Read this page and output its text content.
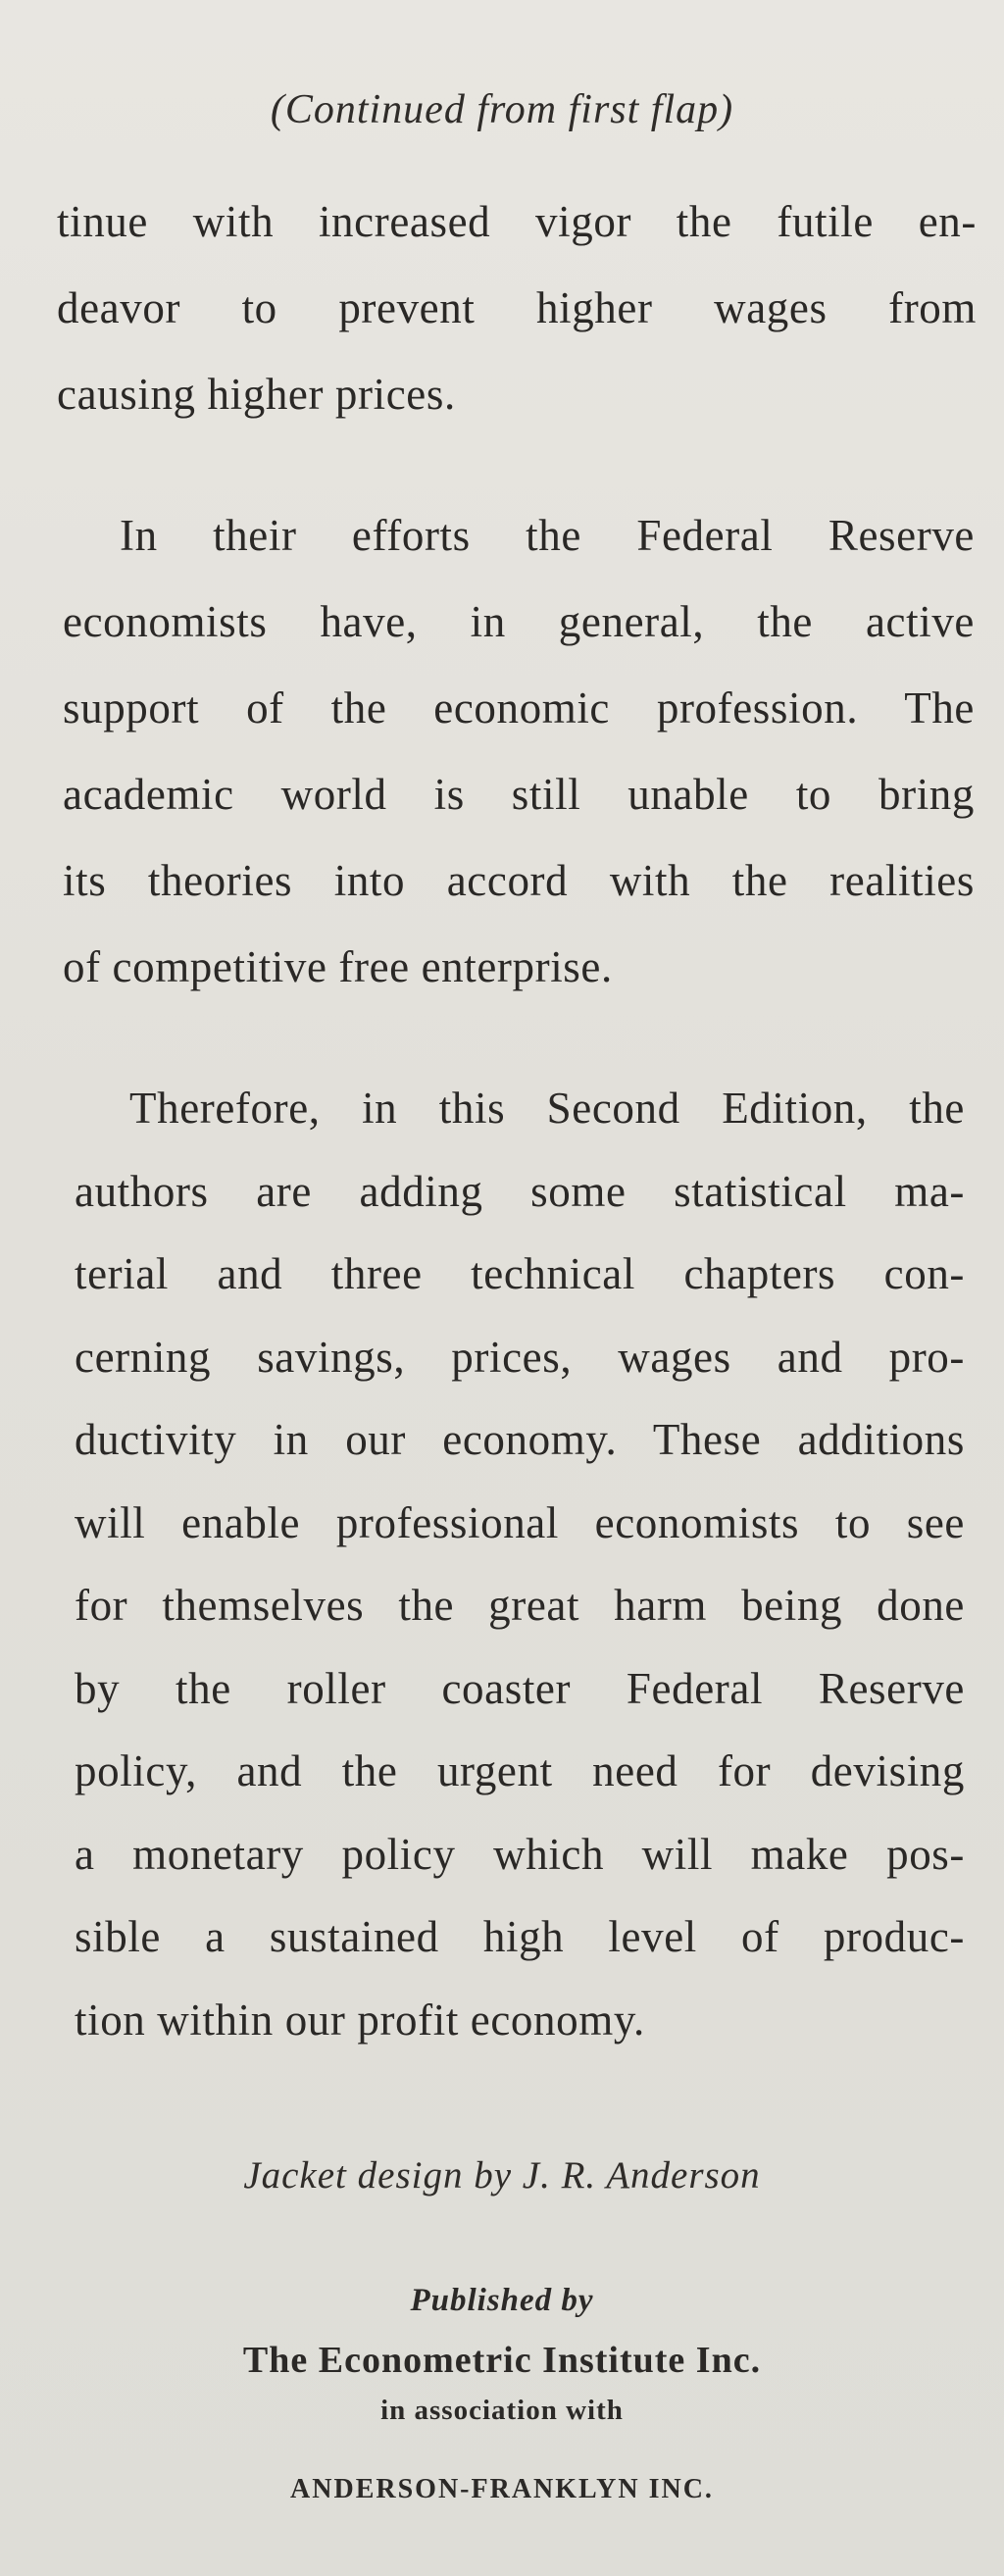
(Continued from first flap)
tinue with increased vigor the futile en-
deavor to prevent higher wages from
causing higher prices.
In their efforts the Federal Reserve
economists have, in general, the active
support of the economic profession. The
academic world is still unable to bring
its theories into accord with the realities
of competitive free enterprise.
Therefore, in this Second Edition, the
authors are adding some statistical ma-
terial and three technical chapters con-
cerning savings, prices, wages and pro-
ductivity in our economy. These additions
will enable professional economists to see
for themselves the great harm being done
by the roller coaster Federal Reserve
policy, and the urgent need for devising
a monetary policy which will make pos-
sible a sustained high level of produc-
tion within our profit economy.
Jacket design by J. R. Anderson
Published by
The Econometric Institute Inc.
in association with
ANDERSON-FRANKLYN INC.
